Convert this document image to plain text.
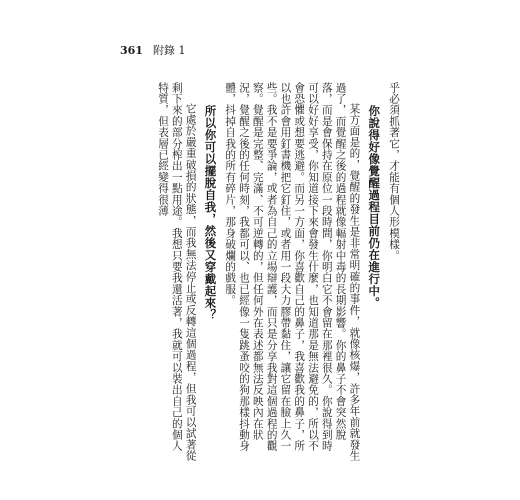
361 附錄 1

乎必須抓著它，才能有個人形模樣。

你說得好像覺醒過程目前仍在進行中。

某方面是的，覺醒的發生是非常明確的事件，就像核爆，許多年前就發生過了，而覺醒之後的過程就像輻射中毒的長期影響。你的鼻子不會突然脫落，而是會保持在原位一段時間，你明白它不會留在那裡很久。你說得到時可以好好享受，你知道接下來會發生什麼，也知道那是無法避免的，所以不會恐懼或想要逃避。而另一方面，你喜歡自己的鼻子，我喜歡我的鼻子，所以也許會用釘書機把它釘住，或者用一段大力膠帶黏住，讓它留在臉上久一些。我不是要爭論，或者為自己的立場辯護，而只是分享我對這個過程的觀察。覺醒是完整、完滿、不可逆轉的，但任何外在表述都無法反映內在狀況，覺醒之後的任何時刻，我都可以、也已經像一隻跳蚤咬的狗那樣抖動身體，抖掉自我的所有碎片，那身破爛的戲服。

所以你可以擺脫自我，然後又穿戴起來？

它處於嚴重破損的狀態，而我無法停止或反轉這個過程，但我可以試著從剩下來的部分榨出一點用途。我想只要我還活著，我就可以裝出自己的個人特質，但表層已經變得很薄
